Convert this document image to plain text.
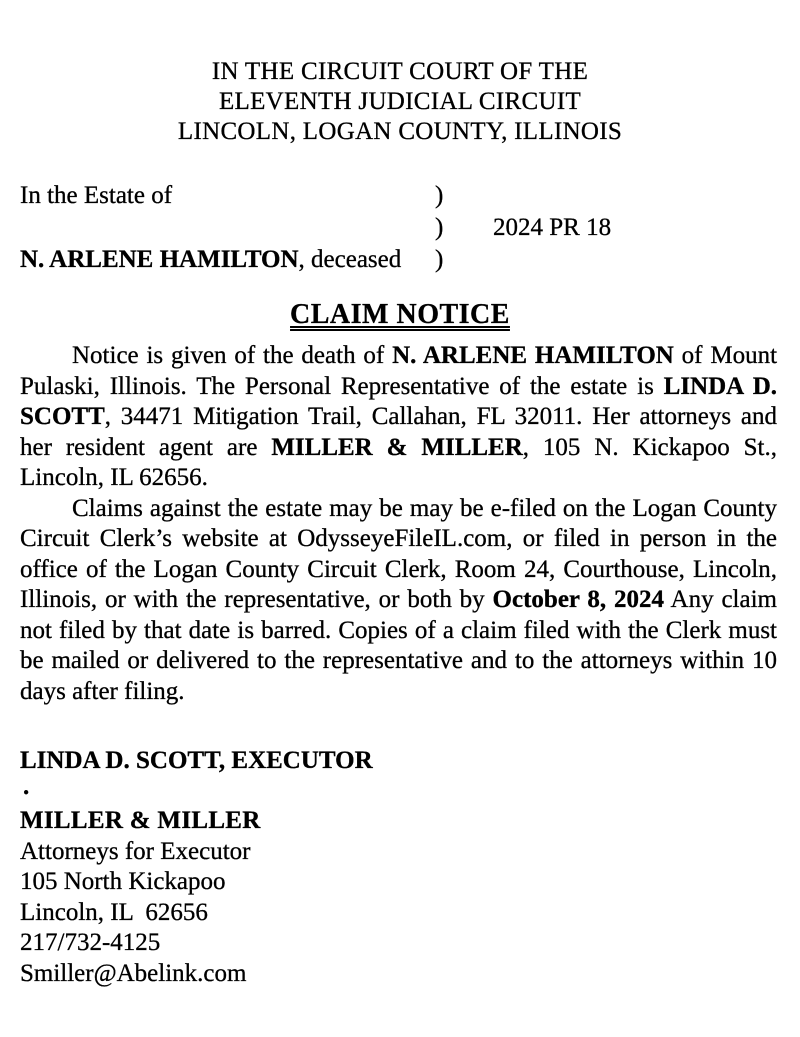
IN THE CIRCUIT COURT OF THE
ELEVENTH JUDICIAL CIRCUIT
LINCOLN, LOGAN COUNTY, ILLINOIS
In the Estate of	)
)	2024 PR 18
N. ARLENE HAMILTON, deceased	)
CLAIM NOTICE

Notice is given of the death of N. ARLENE HAMILTON of Mount Pulaski, Illinois. The Personal Representative of the estate is LINDA D. SCOTT, 34471 Mitigation Trail, Callahan, FL 32011. Her attorneys and her resident agent are MILLER & MILLER, 105 N. Kickapoo St., Lincoln, IL 62656.

Claims against the estate may be may be e-filed on the Logan County Circuit Clerk’s website at OdysseyeFileIL.com, or filed in person in the office of the Logan County Circuit Clerk, Room 24, Courthouse, Lincoln, Illinois, or with the representative, or both by October 8, 2024 Any claim not filed by that date is barred. Copies of a claim filed with the Clerk must be mailed or delivered to the representative and to the attorneys within 10 days after filing.

LINDA D. SCOTT, EXECUTOR
.
MILLER & MILLER
Attorneys for Executor
105 North Kickapoo
Lincoln, IL  62656
217/732-4125
Smiller@Abelink.com
